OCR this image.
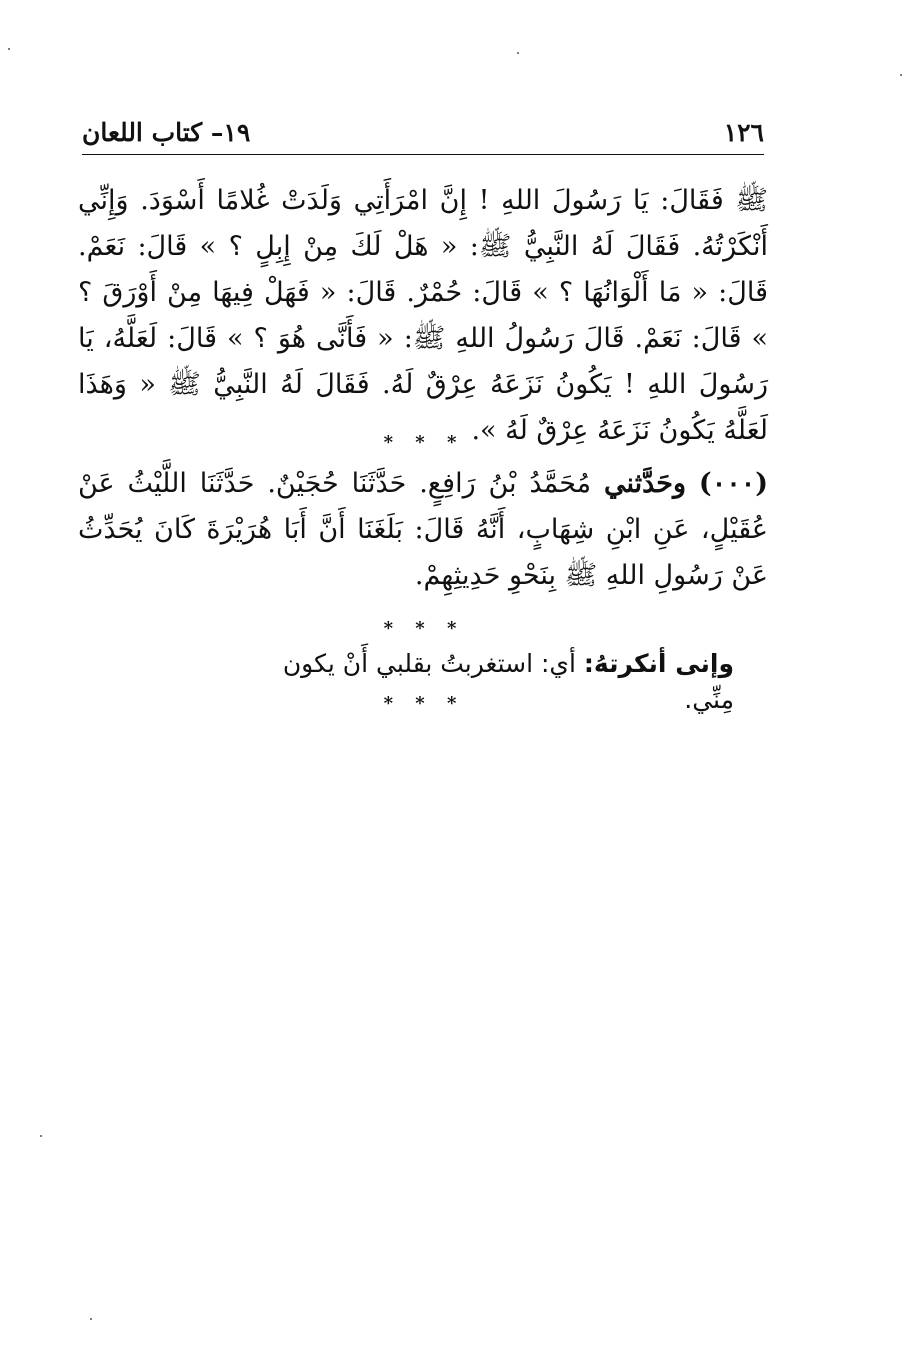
١٢٦
١٩– كتاب اللعان
ﷺ فَقَالَ: يَا رَسُولَ اللهِ ! إِنَّ امْرَأَتِي وَلَدَتْ غُلامًا أَسْوَدَ. وَإِنِّي أَنْكَرْتُهُ. فَقَالَ لَهُ النَّبِيُّ ﷺ: « هَلْ لَكَ مِنْ إِبِلٍ ؟ » قَالَ: نَعَمْ. قَالَ: « مَا أَلْوَانُهَا ؟ » قَالَ: حُمْرٌ. قَالَ: « فَهَلْ فِيهَا مِنْ أَوْرَقَ ؟ » قَالَ: نَعَمْ. قَالَ رَسُولُ اللهِ ﷺ: « فَأَنَّى هُوَ ؟ » قَالَ: لَعَلَّهُ، يَا رَسُولَ اللهِ ! يَكُونُ نَزَعَهُ عِرْقٌ لَهُ. فَقَالَ لَهُ النَّبِيُّ ﷺ « وَهَذَا لَعَلَّهُ يَكُونُ نَزَعَهُ عِرْقٌ لَهُ ».
* * *
(٠٠٠) وحَدَّثني مُحَمَّدُ بْنُ رَافِعٍ. حَدَّثَنَا حُجَيْنٌ. حَدَّثَنَا اللَّيْثُ عَنْ عُقَيْلٍ، عَنِ ابْنِ شِهَابٍ، أَنَّهُ قَالَ: بَلَغَنَا أَنَّ أَبَا هُرَيْرَةَ كَانَ يُحَدِّثُ عَنْ رَسُولِ اللهِ ﷺ بِنَحْوِ حَدِيثِهِمْ.
* * *
وإنى أنكرتهُ: أي: استغربتُ بقلبي أَنْ يكون مِنِّي.
* * *
